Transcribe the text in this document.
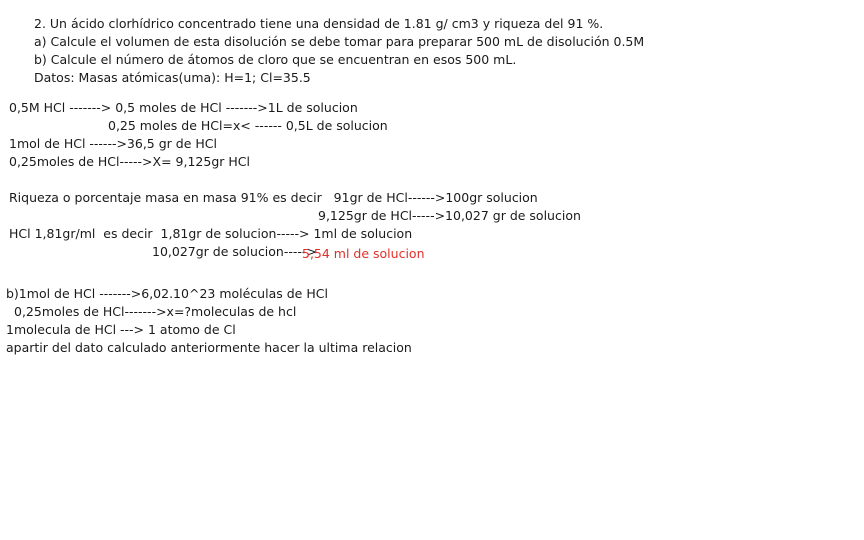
2. Un ácido clorhídrico concentrado tiene una densidad de 1.81 g/ cm3 y riqueza del 91 %.
a) Calcule el volumen de esta disolución se debe tomar para preparar 500 mL de disolución 0.5M
b) Calcule el número de átomos de cloro que se encuentran en esos 500 mL.
Datos: Masas atómicas(uma): H=1; Cl=35.5
0,5M HCl -------> 0,5 moles de HCl ------->1L de solucion
0,25 moles de HCl=x< ------ 0,5L de solucion
1mol de HCl ------>36,5 gr de HCl
0,25moles de HCl----->X= 9,125gr HCl
Riqueza o porcentaje masa en masa 91% es decir   91gr de HCl------>100gr solucion
9,125gr de HCl----->10,027 gr de solucion
HCl 1,81gr/ml  es decir  1,81gr de solucion-----> 1ml de solucion
10,027gr de solucion----->
5,54 ml de solucion
b)1mol de HCl ------->6,02.10^23 moléculas de HCl
0,25moles de HCl------->x=?moleculas de hcl
1molecula de HCl ---> 1 atomo de Cl
apartir del dato calculado anteriormente hacer la ultima relacion
